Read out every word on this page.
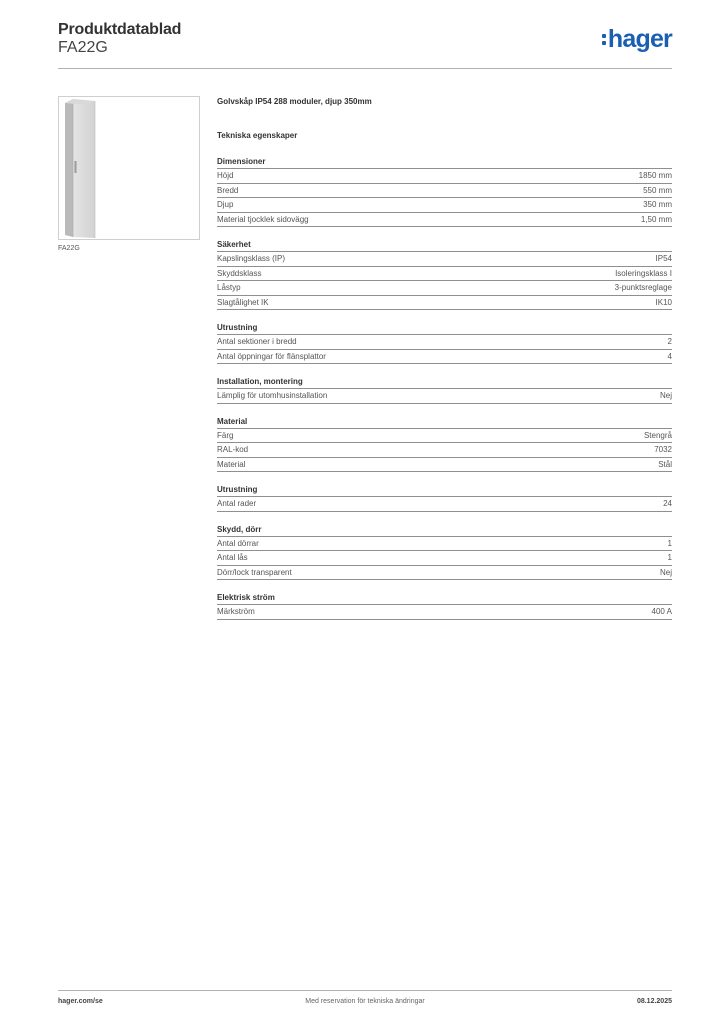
Produktdatablad
FA22G	hager
FA22G
Golvskåp IP54 288 moduler, djup 350mm
Tekniska egenskaper
Dimensioner
Höjd	1850 mm
Bredd	550 mm
Djup	350 mm
Material tjocklek sidovägg	1,50 mm
Säkerhet
Kapslingsklass (IP)	IP54
Skyddsklass	Isoleringsklass I
Låstyp	3-punktsreglage
Slagtålighet IK	IK10
Utrustning
Antal sektioner i bredd	2
Antal öppningar för flänsplattor	4
Installation, montering
Lämplig för utomhusinstallation	Nej
Material
Färg	Stengrå
RAL-kod	7032
Material	Stål
Utrustning
Antal rader	24
Skydd, dörr
Antal dörrar	1
Antal lås	1
Dörr/lock transparent	Nej
Elektrisk ström
Märkström	400 A
hager.com/se	Med reservation för tekniska ändringar	08.12.2025
